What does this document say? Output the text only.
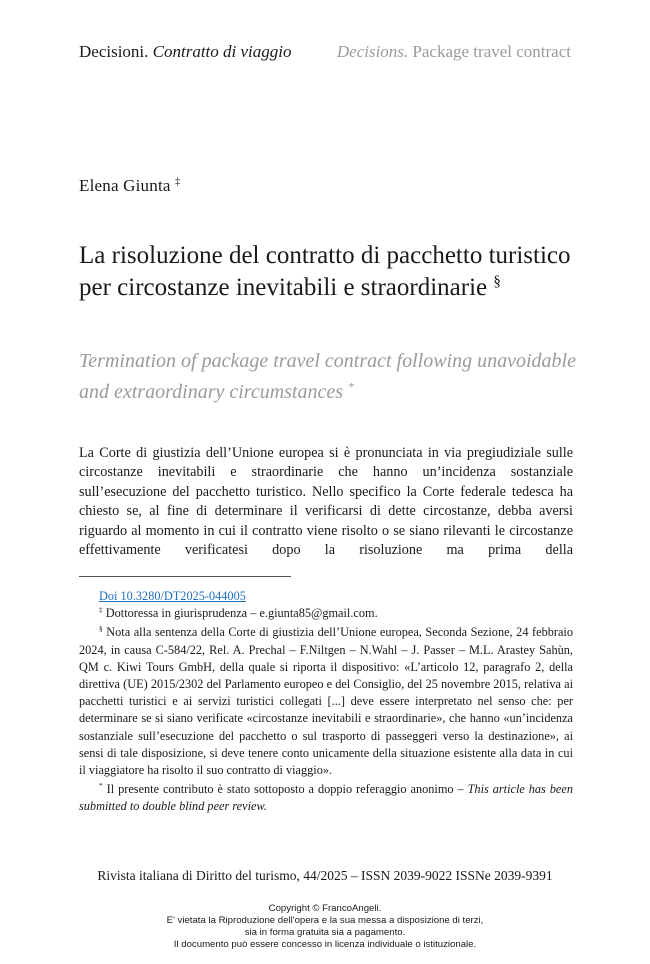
Decisioni. Contratto di viaggio	Decisions. Package travel contract
Elena Giunta ‡
La risoluzione del contratto di pacchetto turistico per circostanze inevitabili e straordinarie §
Termination of package travel contract following unavoidable and extraordinary circumstances *
La Corte di giustizia dell’Unione europea si è pronunciata in via pregiudiziale sulle circostanze inevitabili e straordinarie che hanno un’incidenza sostanziale sull’esecuzione del pacchetto turistico. Nello specifico la Corte federale tedesca ha chiesto se, al fine di determinare il verificarsi di dette circostanze, debba aversi riguardo al momento in cui il contratto viene risolto o se siano rilevanti le circostanze effettivamente verificatesi dopo la risoluzione ma prima della
Doi 10.3280/DT2025-044005

‡ Dottoressa in giurisprudenza – e.giunta85@gmail.com.

§ Nota alla sentenza della Corte di giustizia dell’Unione europea, Seconda Sezione, 24 febbraio 2024, in causa C-584/22, Rel. A. Prechal – F.Niltgen – N.Wahl – J. Passer – M.L. Arastey Sahùn, QM c. Kiwi Tours GmbH, della quale si riporta il dispositivo: «L’articolo 12, paragrafo 2, della direttiva (UE) 2015/2302 del Parlamento europeo e del Consiglio, del 25 novembre 2015, relativa ai pacchetti turistici e ai servizi turistici collegati [...] deve essere interpretato nel senso che: per determinare se si siano verificate «circostanze inevitabili e straordinarie», che hanno «un’incidenza sostanziale sull’esecuzione del pacchetto o sul trasporto di passeggeri verso la destinazione», ai sensi di tale disposizione, si deve tenere conto unicamente della situazione esistente alla data in cui il viaggiatore ha risolto il suo contratto di viaggio».

* Il presente contributo è stato sottoposto a doppio referaggio anonimo – This article has been submitted to double blind peer review.

Rivista italiana di Diritto del turismo, 44/2025 – ISSN 2039-9022 ISSNe 2039-9391
Copyright © FrancoAngeli.
E' vietata la Riproduzione dell'opera e la sua messa a disposizione di terzi,
sia in forma gratuita sia a pagamento.
Il documento può essere concesso in licenza individuale o istituzionale.
